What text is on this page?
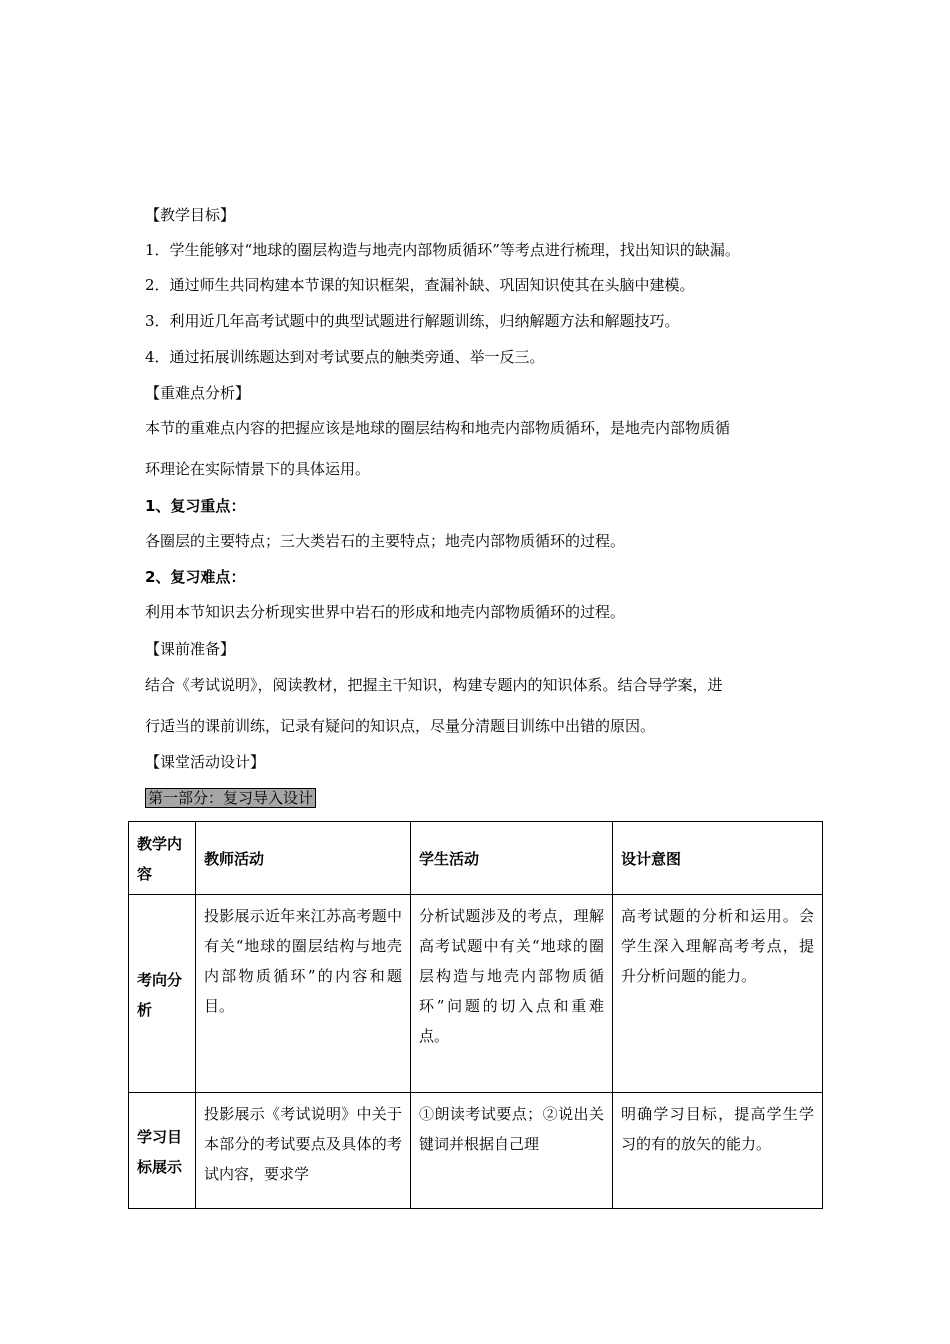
【教学目标】
1．学生能够对“地球的圈层构造与地壳内部物质循环”等考点进行梳理，找出知识的缺漏。
2．通过师生共同构建本节课的知识框架，查漏补缺、巩固知识使其在头脑中建模。
3．利用近几年高考试题中的典型试题进行解题训练，归纳解题方法和解题技巧。
4．通过拓展训练题达到对考试要点的触类旁通、举一反三。
【重难点分析】
本节的重难点内容的把握应该是地球的圈层结构和地壳内部物质循环，是地壳内部物质循
环理论在实际情景下的具体运用。
1、复习重点：
各圈层的主要特点；三大类岩石的主要特点；地壳内部物质循环的过程。
2、复习难点：
利用本节知识去分析现实世界中岩石的形成和地壳内部物质循环的过程。
【课前准备】
结合《考试说明》，阅读教材，把握主干知识，构建专题内的知识体系。结合导学案，进
行适当的课前训练，记录有疑问的知识点，尽量分清题目训练中出错的原因。
【课堂活动设计】
第一部分：复习导入设计
教学内容	教师活动	学生活动	设计意图
考向分析	投影展示近年来江苏高考题中有关“地球的圈层结构与地壳内部物质循环”的内容和题目。	分析试题涉及的考点，理解高考试题中有关“地球的圈层构造与地壳内部物质循环”问题的切入点和重难点。	高考试题的分析和运用。会学生深入理解高考考点，提升分析问题的能力。

学习目标展示	投影展示《考试说明》中关于本部分的考试要点及具体的考试内容，要求学	①朗读考试要点；②说出关键词并根据自己理	明确学习目标，提高学生学习的有的放矢的能力。
